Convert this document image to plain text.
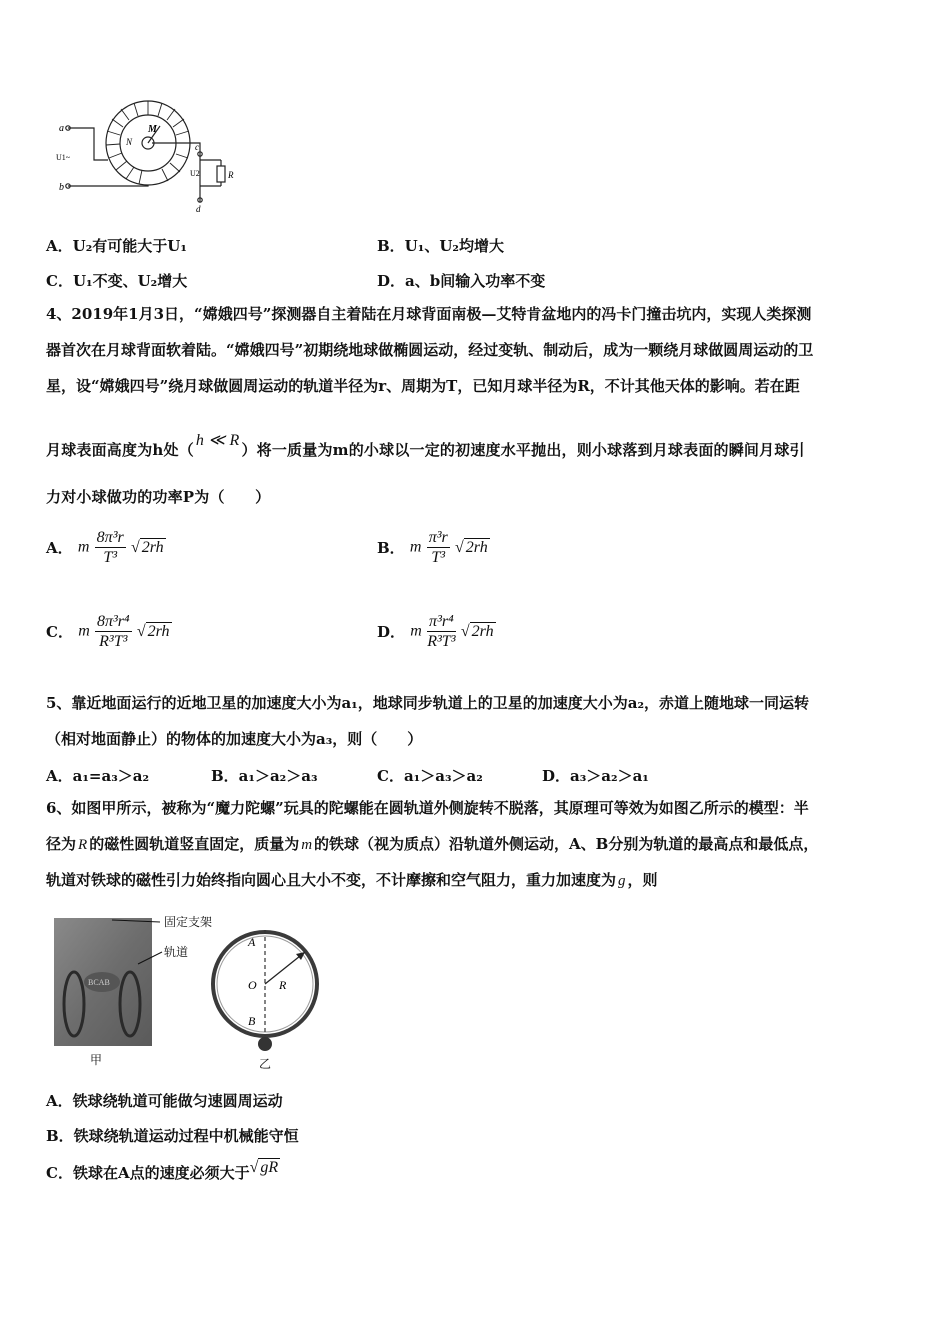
a
b
c
d
M
N
U1~
U2	R
A．U₂有可能大于U₁	B．U₁、U₂均增大
C．U₁不变、U₂增大	D．a、b间输入功率不变
4、2019年1月3日，“嫦娥四号”探测器自主着陆在月球背面南极—艾特肯盆地内的冯卡门撞击坑内，实现人类探测
器首次在月球背面软着陆。“嫦娥四号”初期绕地球做椭圆运动，经过变轨、制动后，成为一颗绕月球做圆周运动的卫
星，设“嫦娥四号”绕月球做圆周运动的轨道半径为r、周期为T，已知月球半径为R，不计其他天体的影响。若在距
月球表面高度为h处（h ≪ R）将一质量为m的小球以一定的初速度水平抛出，则小球落到月球表面的瞬间月球引
力对小球做功的功率P为（　　）
A． m $\frac{\text{8π³r}}{\text{T³}}$ √ 2rh	B． m $\frac{\text{π³r}}{\text{T³}}$ √ 2rh
C． m $\frac{\text{8π³r⁴}}{\text{R³T³}}$ √ 2rh	D． m $\frac{\text{π³r⁴}}{\text{R³T³}}$ √ 2rh
5、靠近地面运行的近地卫星的加速度大小为a₁，地球同步轨道上的卫星的加速度大小为a₂，赤道上随地球一同运转
（相对地面静止）的物体的加速度大小为a₃，则（　　）
A．a₁=a₃＞a₂	B．a₁＞a₂＞a₃	C．a₁＞a₃＞a₂	D．a₃＞a₂＞a₁
6、如图甲所示，被称为“魔力陀螺”玩具的陀螺能在圆轨道外侧旋转不脱落，其原理可等效为如图乙所示的模型：半
径为 R 的磁性圆轨道竖直固定，质量为 m 的铁球（视为质点）沿轨道外侧运动，A、B分别为轨道的最高点和最低点，
轨道对铁球的磁性引力始终指向圆心且大小不变，不计摩擦和空气阻力，重力加速度为 g ，则
BCAB
固定支架
轨道
甲
A
O R
B
乙
A．铁球绕轨道可能做匀速圆周运动
B．铁球绕轨道运动过程中机械能守恒
C．铁球在A点的速度必须大于√ gR
